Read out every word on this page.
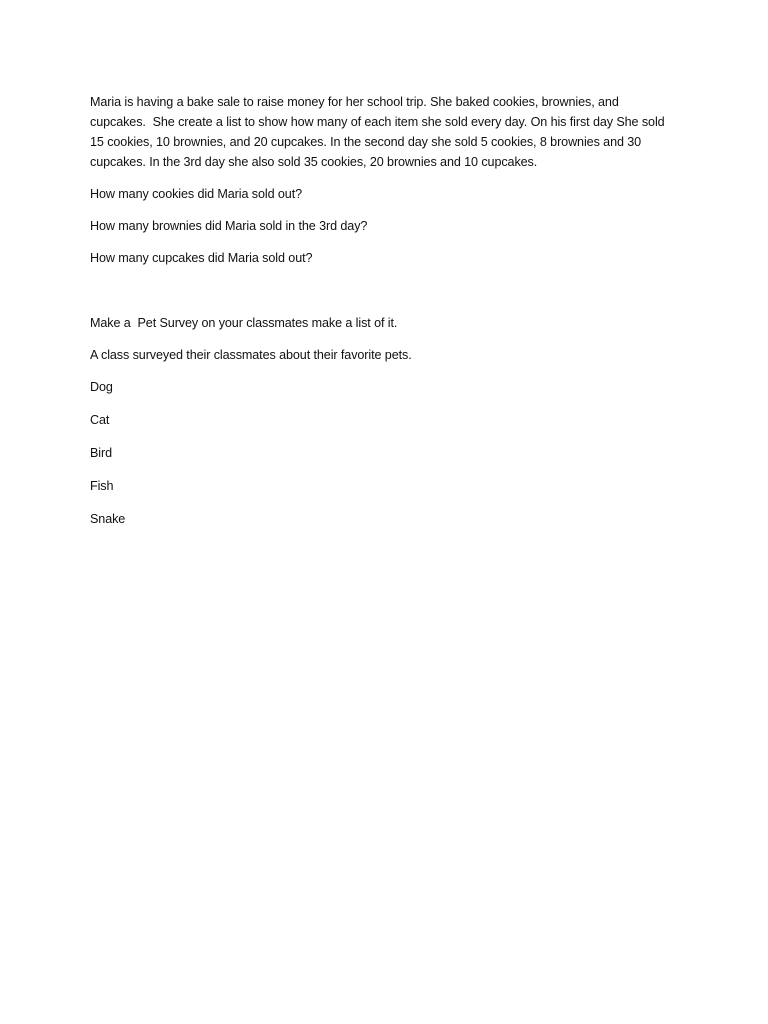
Maria is having a bake sale to raise money for her school trip. She baked cookies, brownies, and
cupcakes.  She create a list to show how many of each item she sold every day. On his first day She sold
15 cookies, 10 brownies, and 20 cupcakes. In the second day she sold 5 cookies, 8 brownies and 30
cupcakes. In the 3rd day she also sold 35 cookies, 20 brownies and 10 cupcakes.

How many cookies did Maria sold out?

How many brownies did Maria sold in the 3rd day?

How many cupcakes did Maria sold out?

Make a  Pet Survey on your classmates make a list of it.

A class surveyed their classmates about their favorite pets.

Dog

Cat

Bird

Fish

Snake
